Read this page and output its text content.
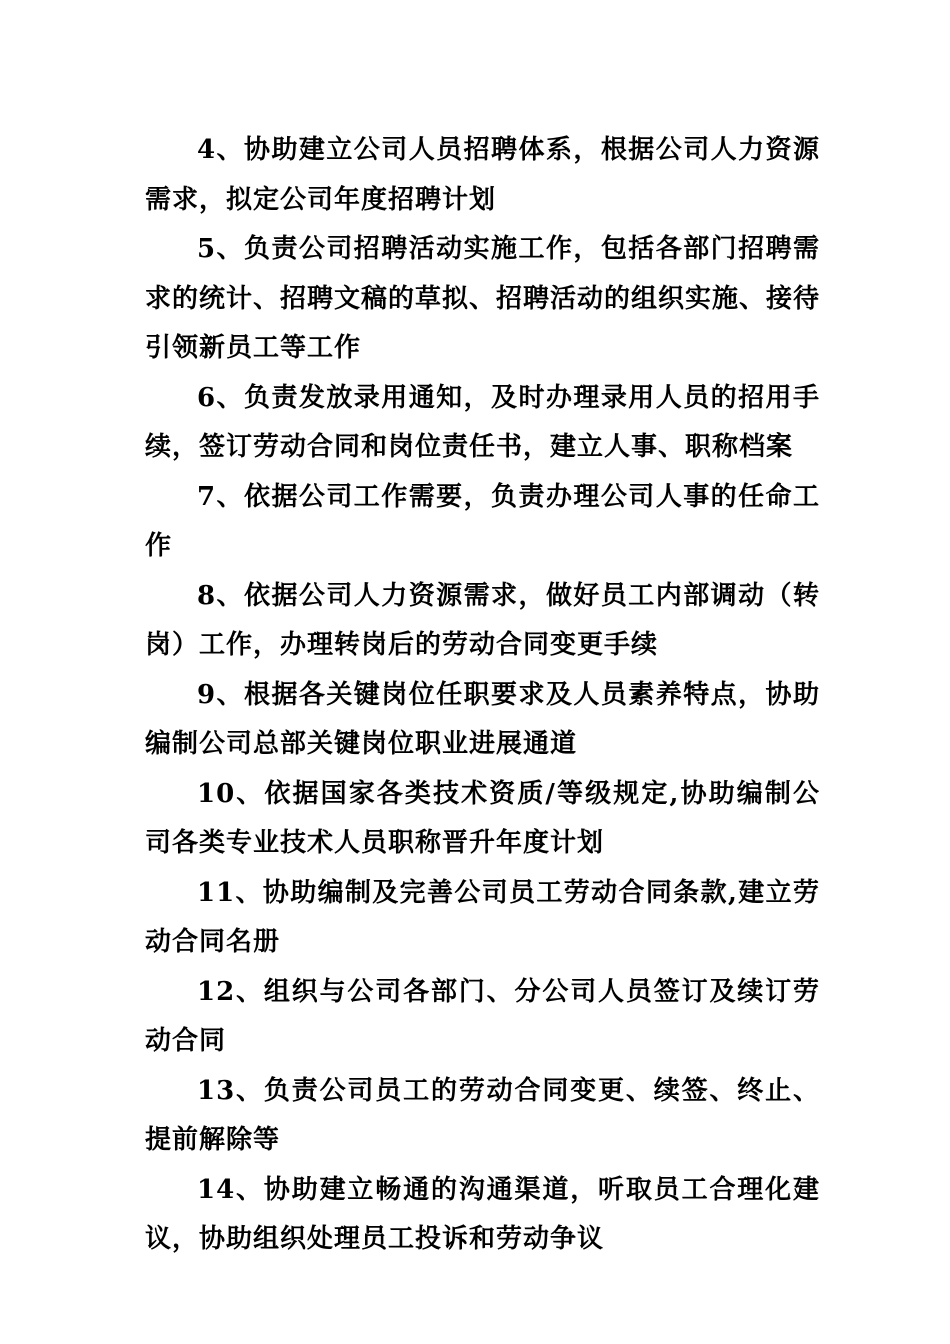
4、协助建立公司人员招聘体系，根据公司人力资源需求，拟定公司年度招聘计划

5、负责公司招聘活动实施工作，包括各部门招聘需求的统计、招聘文稿的草拟、招聘活动的组织实施、接待引领新员工等工作

6、负责发放录用通知，及时办理录用人员的招用手续，签订劳动合同和岗位责任书，建立人事、职称档案

7、依据公司工作需要，负责办理公司人事的任命工作

8、依据公司人力资源需求，做好员工内部调动（转岗）工作，办理转岗后的劳动合同变更手续

9、根据各关键岗位任职要求及人员素养特点，协助编制公司总部关键岗位职业进展通道

10、依据国家各类技术资质/等级规定,协助编制公司各类专业技术人员职称晋升年度计划

11、协助编制及完善公司员工劳动合同条款,建立劳动合同名册

12、组织与公司各部门、分公司人员签订及续订劳动合同

13、负责公司员工的劳动合同变更、续签、终止、提前解除等

14、协助建立畅通的沟通渠道，听取员工合理化建议，协助组织处理员工投诉和劳动争议
